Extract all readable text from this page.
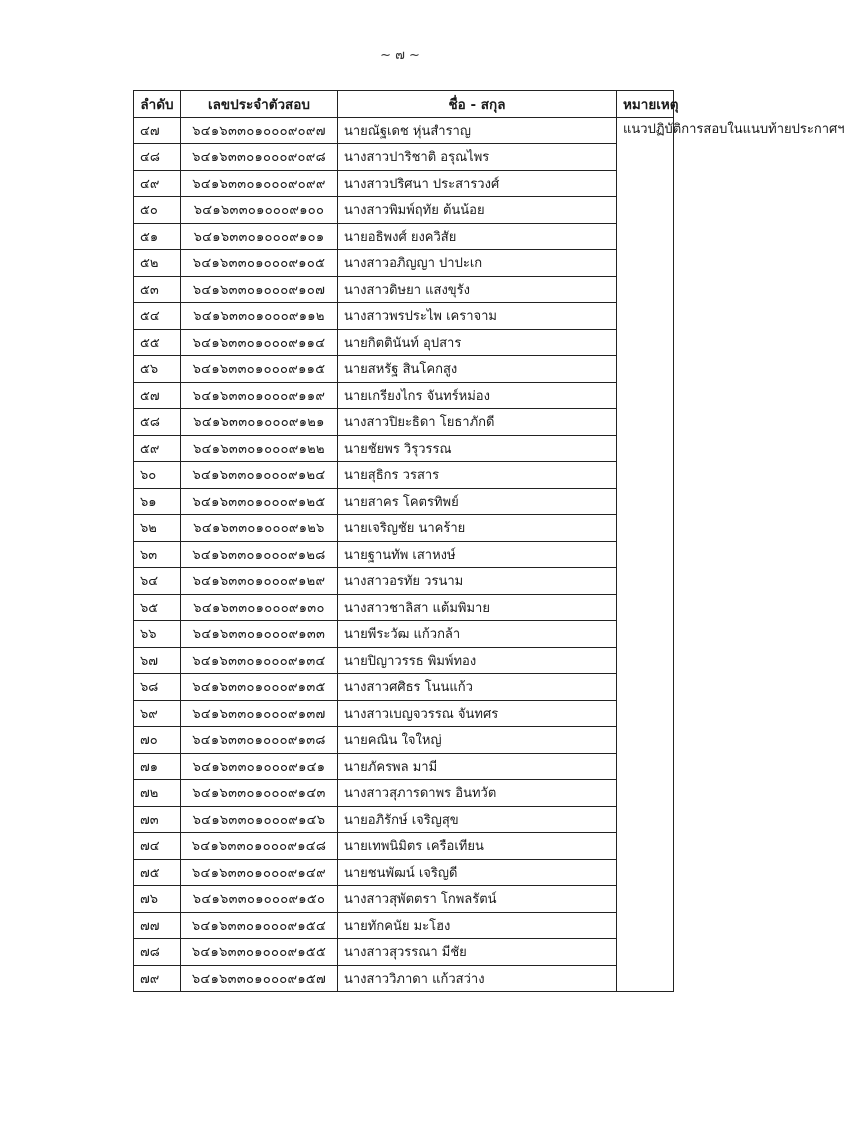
~ ๗ ~
ลำดับ	เลขประจำตัวสอบ	ชื่อ - สกุล	หมายเหตุ
๔๗	๖๔๑๖๓๓๐๑๐๐๐๙๐๙๗	นายณัฐเดช หุ่นสำราญ	แนวปฏิบัติการสอบในแนบท้ายประกาศฯ
๔๘	๖๔๑๖๓๓๐๑๐๐๐๙๐๙๘	นางสาวปาริชาติ อรุณไพร	
๔๙	๖๔๑๖๓๓๐๑๐๐๐๙๐๙๙	นางสาวปริศนา ประสารวงศ์	
๕๐	๖๔๑๖๓๓๐๑๐๐๐๙๑๐๐	นางสาวพิมพ์ฤทัย ต้นน้อย	
๕๑	๖๔๑๖๓๓๐๑๐๐๐๙๑๐๑	นายอธิพงศ์ ยงควิสัย	
๕๒	๖๔๑๖๓๓๐๑๐๐๐๙๑๐๕	นางสาวอภิญญา ปาปะเก	
๕๓	๖๔๑๖๓๓๐๑๐๐๐๙๑๐๗	นางสาวดิษยา แสงขุรัง	
๕๔	๖๔๑๖๓๓๐๑๐๐๐๙๑๑๒	นางสาวพรประไพ เคราจาม	
๕๕	๖๔๑๖๓๓๐๑๐๐๐๙๑๑๔	นายกิตตินันท์ อุปสาร	
๕๖	๖๔๑๖๓๓๐๑๐๐๐๙๑๑๕	นายสหรัฐ สินโคกสูง	
๕๗	๖๔๑๖๓๓๐๑๐๐๐๙๑๑๙	นายเกรียงไกร จันทร์หม่อง	
๕๘	๖๔๑๖๓๓๐๑๐๐๐๙๑๒๑	นางสาวปิยะธิดา โยธาภักดี	
๕๙	๖๔๑๖๓๓๐๑๐๐๐๙๑๒๒	นายชัยพร วิรุวรรณ	
๖๐	๖๔๑๖๓๓๐๑๐๐๐๙๑๒๔	นายสุธิกร วรสาร	
๖๑	๖๔๑๖๓๓๐๑๐๐๐๙๑๒๕	นายสาคร โคตรทิพย์	
๖๒	๖๔๑๖๓๓๐๑๐๐๐๙๑๒๖	นายเจริญชัย นาคร้าย	
๖๓	๖๔๑๖๓๓๐๑๐๐๐๙๑๒๘	นายฐานทัพ เสาหงษ์	
๖๔	๖๔๑๖๓๓๐๑๐๐๐๙๑๒๙	นางสาวอรทัย วรนาม	
๖๕	๖๔๑๖๓๓๐๑๐๐๐๙๑๓๐	นางสาวชาลิสา แต้มพิมาย	
๖๖	๖๔๑๖๓๓๐๑๐๐๐๙๑๓๓	นายพีระวัฒ แก้วกล้า	
๖๗	๖๔๑๖๓๓๐๑๐๐๐๙๑๓๔	นายปิญาวรรธ พิมพ์ทอง	
๖๘	๖๔๑๖๓๓๐๑๐๐๐๙๑๓๕	นางสาวศศิธร โนนแก้ว	
๖๙	๖๔๑๖๓๓๐๑๐๐๐๙๑๓๗	นางสาวเบญจวรรณ จันทศร	
๗๐	๖๔๑๖๓๓๐๑๐๐๐๙๑๓๘	นายคณิน ใจใหญ่	
๗๑	๖๔๑๖๓๓๐๑๐๐๐๙๑๔๑	นายภัครพล มามี	
๗๒	๖๔๑๖๓๓๐๑๐๐๐๙๑๔๓	นางสาวสุภารดาพร อินทวัต	
๗๓	๖๔๑๖๓๓๐๑๐๐๐๙๑๔๖	นายอภิรักษ์ เจริญสุข	
๗๔	๖๔๑๖๓๓๐๑๐๐๐๙๑๔๘	นายเทพนิมิตร เครือเทียน	
๗๕	๖๔๑๖๓๓๐๑๐๐๐๙๑๔๙	นายชนพัฒน์ เจริญดี	
๗๖	๖๔๑๖๓๓๐๑๐๐๐๙๑๕๐	นางสาวสุพัตตรา โกพลรัตน์	
๗๗	๖๔๑๖๓๓๐๑๐๐๐๙๑๕๔	นายทักคนัย มะโฮง	
๗๘	๖๔๑๖๓๓๐๑๐๐๐๙๑๕๕	นางสาวสุวรรณา มีชัย	
๗๙	๖๔๑๖๓๓๐๑๐๐๐๙๑๕๗	นางสาววิภาดา แก้วสว่าง	
